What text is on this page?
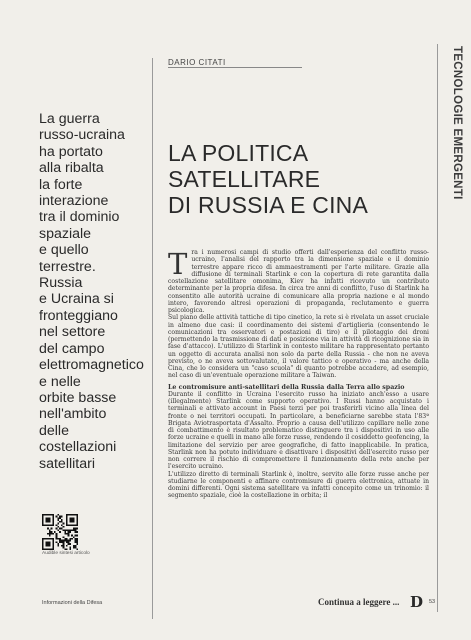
DARIO CITATI	TECNOLOGIE EMERGENTI
La guerra
russo-ucraina
ha portato
alla ribalta
la forte
interazione
tra il dominio
spaziale
e quello
terrestre.
Russia
e Ucraina si
fronteggiano
nel settore
del campo
elettromagnetico
e nelle
orbite basse
nell'ambito
delle
costellazioni
satellitari
LA POLITICA
SATELLITARE
DI RUSSIA E CINA
Audible sintesi articolo
T ra i numerosi campi di studio offerti dall'esperienza del conflitto russo-ucraino, l'analisi del rapporto tra la dimensione spaziale e il dominio terrestre appare ricco di ammaestramenti per l'arte militare. Grazie alla diffusione di terminali Starlink e con la copertura di rete garantita dalla costellazione satellitare omonima, Kiev ha infatti ricevuto un contributo determinante per la propria difesa. In circa tre anni di conflitto, l'uso di Starlink ha consentito alle autorità ucraine di comunicare alla propria nazione e al mondo intero, favorendo altresì operazioni di propaganda, reclutamento e guerra psicologica.

Sul piano delle attività tattiche di tipo cinetico, la rete si è rivelata un asset cruciale in almeno due casi: il coordinamento dei sistemi d'artiglieria (consentendo le comunicazioni tra osservatori e postazioni di tiro) e il pilotaggio dei droni (permettendo la trasmissione di dati e posizione via in attività di ricognizione sia in fase d'attacco). L'utilizzo di Starlink in contesto militare ha rappresentato pertanto un oggetto di accurata analisi non solo da parte della Russia - che non ne aveva previsto, o ne aveva sottovalutato, il valore tattico e operativo - ma anche della Cina, che lo considera un "caso scuola" di quanto potrebbe accadere, ad esempio, nel caso di un'eventuale operazione militare a Taiwan.

Le contromisure anti-satellitari della Russia dalla Terra allo spazio

Durante il conflitto in Ucraina l'esercito russo ha iniziato anch'esso a usare (illegalmente) Starlink come supporto operativo. I Russi hanno acquistato i terminali e attivato account in Paesi terzi per poi trasferirli vicino alla linea del fronte o nei territori occupati. In particolare, a beneficiarne sarebbe stata l'83ª Brigata Aviotrasportata d'Assalto. Proprio a causa dell'utilizzo capillare nelle zone di combattimento è risultato problematico distinguere tra i dispositivi in uso alle forze ucraine e quelli in mano alle forze russe, rendendo il cosiddetto geofencing, la limitazione del servizio per aree geografiche, di fatto inapplicabile. In pratica, Starlink non ha potuto individuare e disattivare i dispositivi dell'esercito russo per non correre il rischio di compromettere il funzionamento della rete anche per l'esercito ucraino.

L'utilizzo diretto di terminali Starlink è, inoltre, servito alle forze russe anche per studiarne le componenti e affinare contromisure di guerra elettronica, attuate in domini differenti. Ogni sistema satellitare va infatti concepito come un trinomio: il segmento spaziale, cioè la costellazione in orbita; il

Informazioni della Difesa	Continua a leggere ... D 53
